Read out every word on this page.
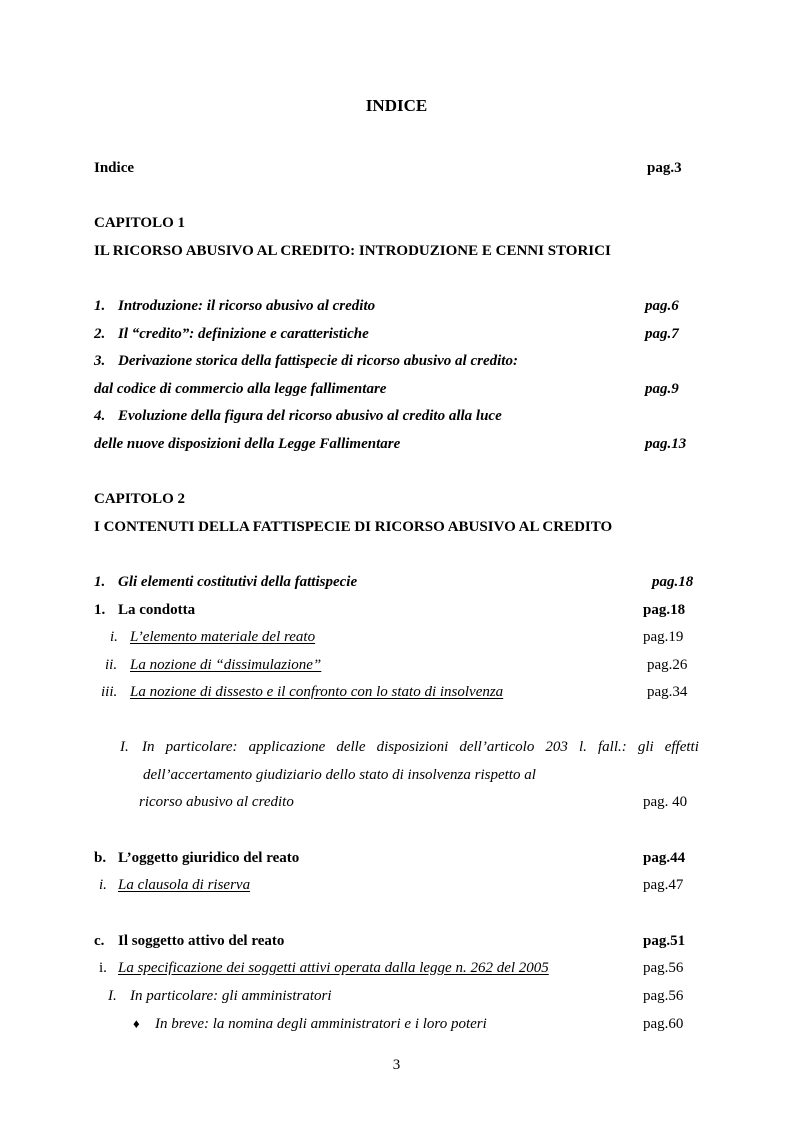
INDICE
Indice	pag.3
CAPITOLO 1
IL RICORSO ABUSIVO AL CREDITO: INTRODUZIONE E CENNI STORICI
1. Introduzione: il ricorso abusivo al credito	pag.6
2. Il “credito”: definizione e caratteristiche	pag.7
3. Derivazione storica della fattispecie di ricorso abusivo al credito:
dal codice di commercio alla legge fallimentare	pag.9
4. Evoluzione della figura del ricorso abusivo al credito alla luce
delle nuove disposizioni della Legge Fallimentare	pag.13
CAPITOLO 2
I CONTENUTI DELLA FATTISPECIE DI RICORSO ABUSIVO AL CREDITO
1. Gli elementi costitutivi della fattispecie	pag.18
1. La condotta	pag.18
i. L’elemento materiale del reato	pag.19
ii. La nozione di “dissimulazione”	pag.26
iii. La nozione di dissesto e il confronto con lo stato di insolvenza	pag.34
I. In particolare: applicazione delle disposizioni dell’articolo 203 l. fall.: gli effetti
dell’accertamento giudiziario dello stato di insolvenza rispetto al
ricorso abusivo al credito	pag. 40
b. L’oggetto giuridico del reato	pag.44
i. La clausola di riserva	pag.47
c. Il soggetto attivo del reato	pag.51
i. La specificazione dei soggetti attivi operata dalla legge n. 262 del 2005	pag.56
I. In particolare: gli amministratori	pag.56
♦ In breve: la nomina degli amministratori e i loro poteri	pag.60
3
